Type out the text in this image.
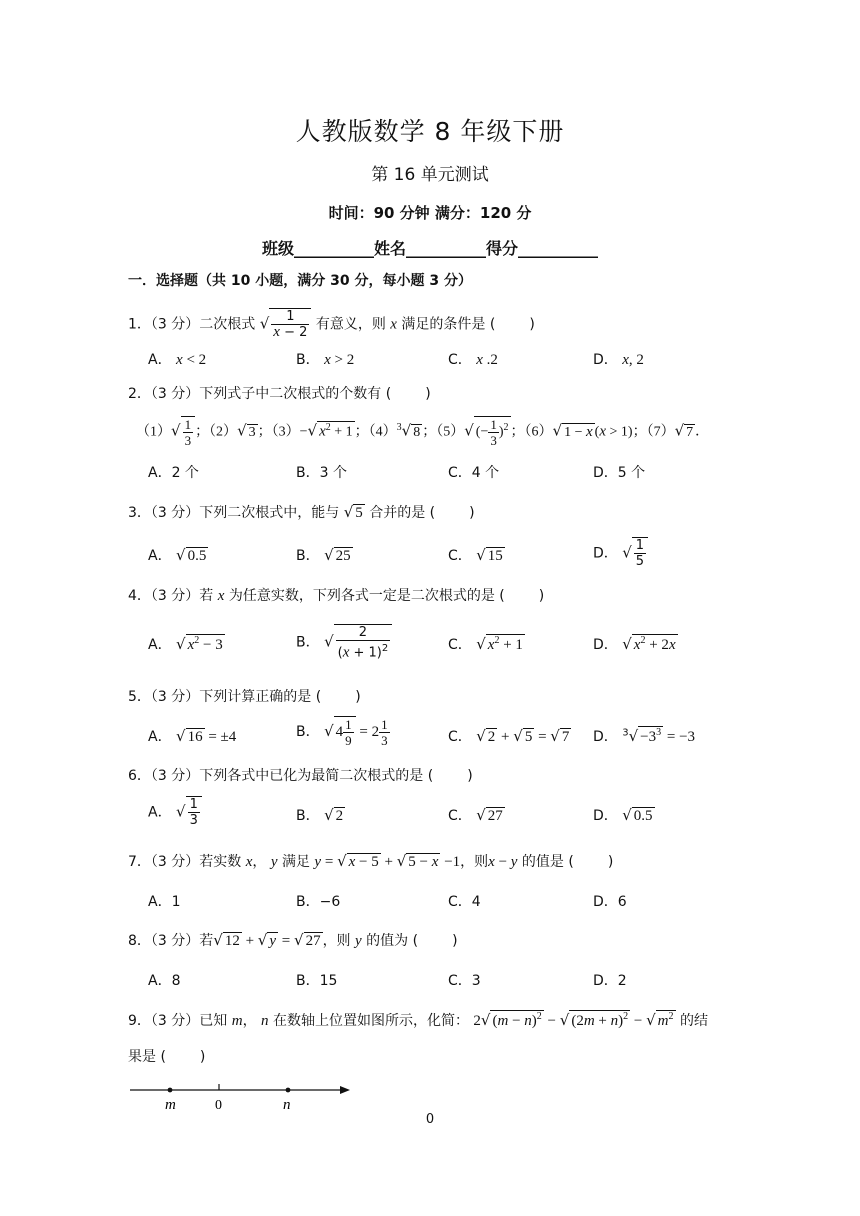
人教版数学 8 年级下册
第 16 单元测试
时间：90 分钟 满分：120 分
班级__________姓名__________得分__________
一．选择题（共 10 小题，满分 30 分，每小题 3 分）
1．（3 分）二次根式 √ $\frac{1}{x - 2}$ 有意义，则 x 满足的条件是 ( )
A． x < 2	B． x > 2	C． x .2	D． x, 2
2．（3 分）下列式子中二次根式的个数有 ( )
$(1)√ \frac{1}{3}$ ；（2）√ 3 ；（3）−√ $x^2 + 1$ ；$(4)^3√$ 8 ；（5）√ (− $\frac{1}{3} )^2$ ；（6）√ 1 − x (x > 1)；（7）√ 7 ．
A．2 个	B．3 个	C．4 个	D．5 个
3．（3 分）下列二次根式中，能与 √ 5 合并的是 ( )
A． √ 0.5	B． √ 25	C． √ 15	D． √ $\frac{1}{5}$
4．（3 分）若 x 为任意实数，下列各式一定是二次根式的是 ( )
A． √ $x^2 - 3$	B． √ $\frac{2}{(x + 1)^2}$	C． √ $x^2 + 1$	D． √ $x^2 + 2x$
5．（3 分）下列计算正确的是 ( )
A． √ 16 = ±4	B． √ $4 \frac{1}{9} = 2 \frac{1}{3}$	C． √ 2 + √ 5 = √ 7 D． $^3√ -3^3 = -3$
6．（3 分）下列各式中已化为最简二次根式的是 ( )
A． √ $\frac{1}{3}$	B． √ 2	C． √ 27	D． √ 0.5
7．（3 分）若实数 x， y 满足 y = √ x − 5 + √ 5 − x −1，则x − y 的值是 ( )
A．1	B．−6	C．4	D．6
8．（3 分）若√ 12 + √ y = √ 27 ，则 y 的值为 ( )
A．8	B．15	C．3	D．2
9．（3 分）已知 m， n 在数轴上位置如图所示，化简： 2√ $(m - n)^2$ − √ $(2m + n)^2$ − √ $m^2$ 的结
果是 ( )
m	0	n
0
